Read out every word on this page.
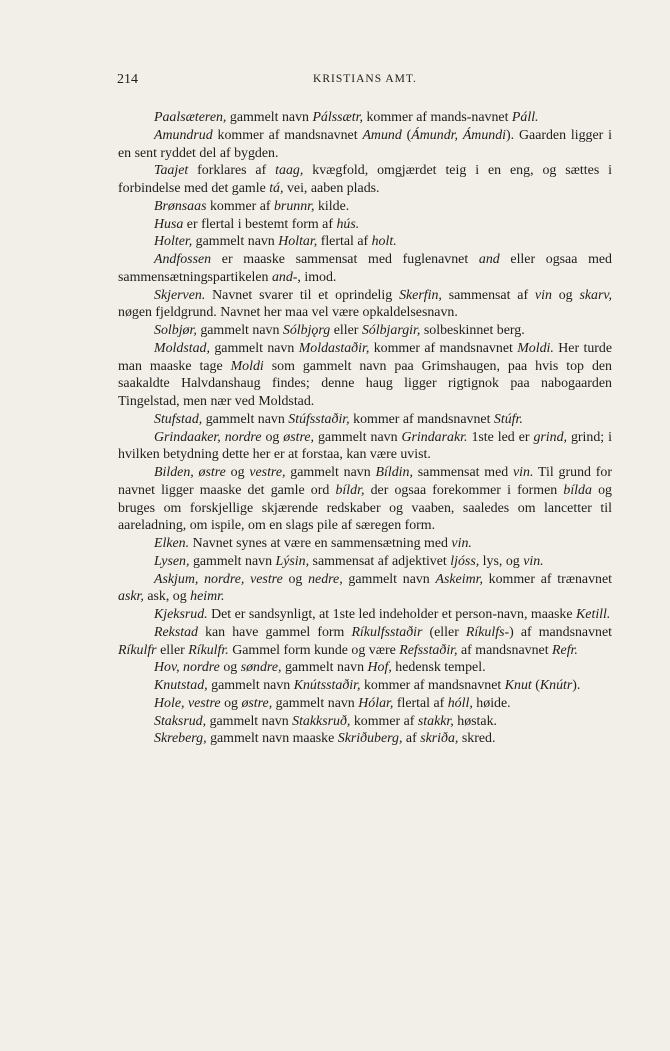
214	KRISTIANS AMT.

Paalsæteren, gammelt navn Pálssætr, kommer af mands-navnet Páll.

Amundrud kommer af mandsnavnet Amund (Ámundr, Ámundi). Gaarden ligger i en sent ryddet del af bygden.

Taajet forklares af taag, kvægfold, omgjærdet teig i en eng, og sættes i forbindelse med det gamle tá, vei, aaben plads.

Brønsaas kommer af brunnr, kilde.

Husa er flertal i bestemt form af hús.

Holter, gammelt navn Holtar, flertal af holt.

Andfossen er maaske sammensat med fuglenavnet and eller ogsaa med sammensætningspartikelen and-, imod.

Skjerven. Navnet svarer til et oprindelig Skerfin, sammensat af vin og skarv, nøgen fjeldgrund. Navnet her maa vel være opkaldelsesnavn.

Solbjør, gammelt navn Sólbjǫrg eller Sólbjargir, solbeskinnet berg.

Moldstad, gammelt navn Moldastaðir, kommer af mandsnavnet Moldi. Her turde man maaske tage Moldi som gammelt navn paa Grimshaugen, paa hvis top den saakaldte Halvdanshaug findes; denne haug ligger rigtignok paa nabogaarden Tingelstad, men nær ved Moldstad.

Stufstad, gammelt navn Stúfsstaðir, kommer af mandsnavnet Stúfr.

Grindaaker, nordre og østre, gammelt navn Grindarakr. 1ste led er grind, grind; i hvilken betydning dette her er at forstaa, kan være uvist.

Bilden, østre og vestre, gammelt navn Bíldin, sammensat med vin. Til grund for navnet ligger maaske det gamle ord bíldr, der ogsaa forekommer i formen bílda og bruges om forskjellige skjærende redskaber og vaaben, saaledes om lancetter til aareladning, om ispile, om en slags pile af særegen form.

Elken. Navnet synes at være en sammensætning med vin.

Lysen, gammelt navn Lýsin, sammensat af adjektivet ljóss, lys, og vin.

Askjum, nordre, vestre og nedre, gammelt navn Askeimr, kommer af trænavnet askr, ask, og heimr.

Kjeksrud. Det er sandsynligt, at 1ste led indeholder et person-navn, maaske Ketill.

Rekstad kan have gammel form Ríkulfsstaðir (eller Ríkulfs-) af mandsnavnet Ríkulfr eller Ríkulfr. Gammel form kunde og være Refsstaðir, af mandsnavnet Refr.

Hov, nordre og søndre, gammelt navn Hof, hedensk tempel.

Knutstad, gammelt navn Knútsstaðir, kommer af mandsnavnet Knut (Knútr).

Hole, vestre og østre, gammelt navn Hólar, flertal af hóll, høide.

Staksrud, gammelt navn Stakksruð, kommer af stakkr, høstak.

Skreberg, gammelt navn maaske Skriðuberg, af skriða, skred.
